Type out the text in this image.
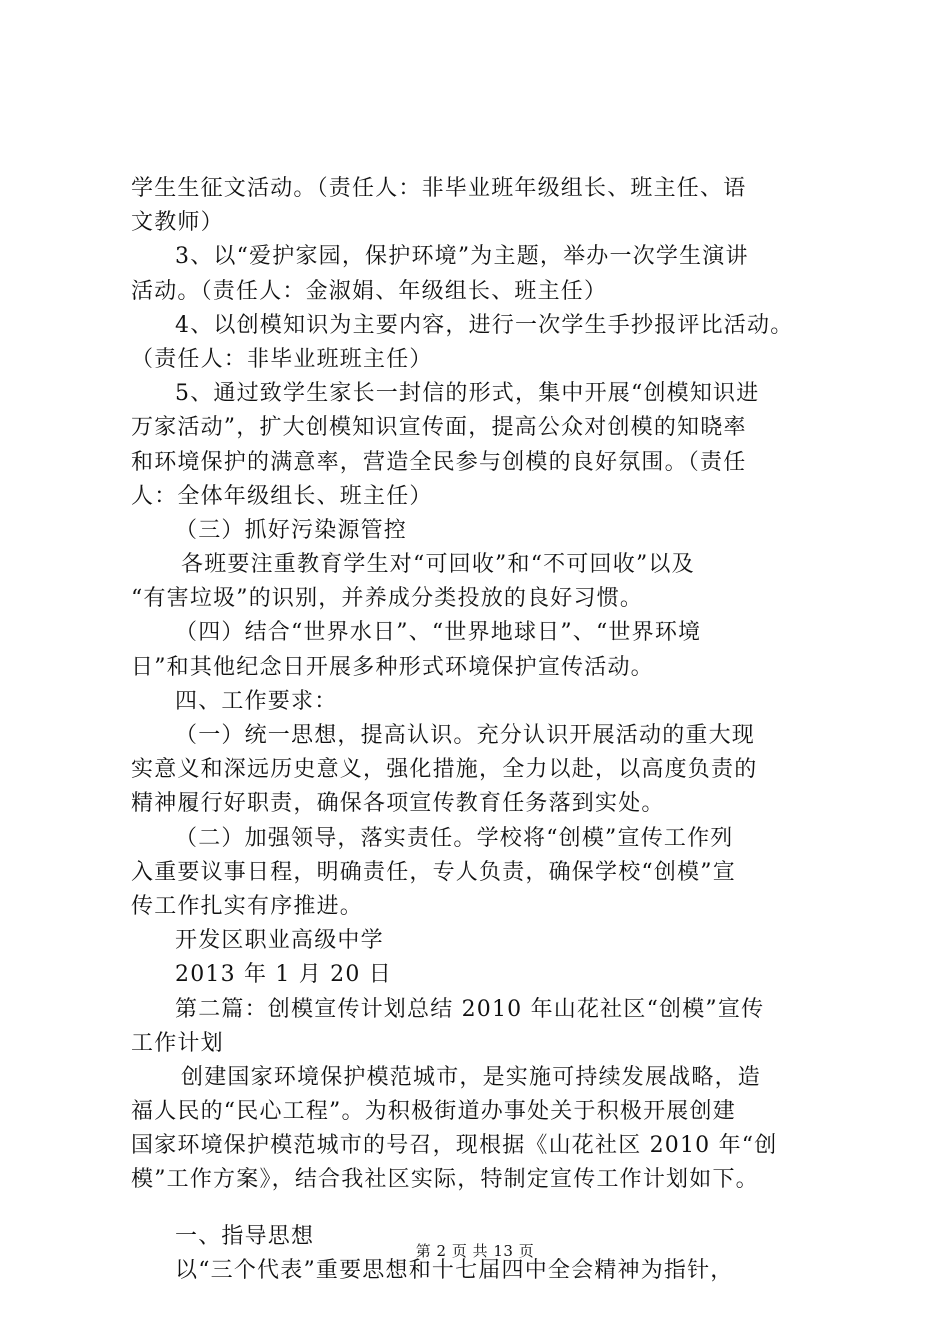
学生生征文活动。（责任人：非毕业班年级组长、班主任、语
文教师）
3、以“爱护家园，保护环境”为主题，举办一次学生演讲
活动。（责任人：金淑娟、年级组长、班主任）
4、以创模知识为主要内容，进行一次学生手抄报评比活动。
（责任人：非毕业班班主任）
5、通过致学生家长一封信的形式，集中开展“创模知识进
万家活动”，扩大创模知识宣传面，提高公众对创模的知晓率
和环境保护的满意率，营造全民参与创模的良好氛围。（责任
人：全体年级组长、班主任）
（三）抓好污染源管控
各班要注重教育学生对“可回收”和“不可回收”以及
“有害垃圾”的识别，并养成分类投放的良好习惯。
（四）结合“世界水日”、“世界地球日”、“世界环境
日”和其他纪念日开展多种形式环境保护宣传活动。
四、工作要求：
（一）统一思想，提高认识。充分认识开展活动的重大现
实意义和深远历史意义，强化措施，全力以赴，以高度负责的
精神履行好职责，确保各项宣传教育任务落到实处。
（二）加强领导，落实责任。学校将“创模”宣传工作列
入重要议事日程，明确责任，专人负责，确保学校“创模”宣
传工作扎实有序推进。
开发区职业高级中学
2013 年 1 月 20 日
第二篇：创模宣传计划总结 2010 年山花社区“创模”宣传
工作计划
创建国家环境保护模范城市，是实施可持续发展战略，造
福人民的“民心工程”。为积极街道办事处关于积极开展创建
国家环境保护模范城市的号召，现根据《山花社区 2010 年“创
模”工作方案》，结合我社区实际，特制定宣传工作计划如下。
一、指导思想
以“三个代表”重要思想和十七届四中全会精神为指针，
第 2 页 共 13 页
